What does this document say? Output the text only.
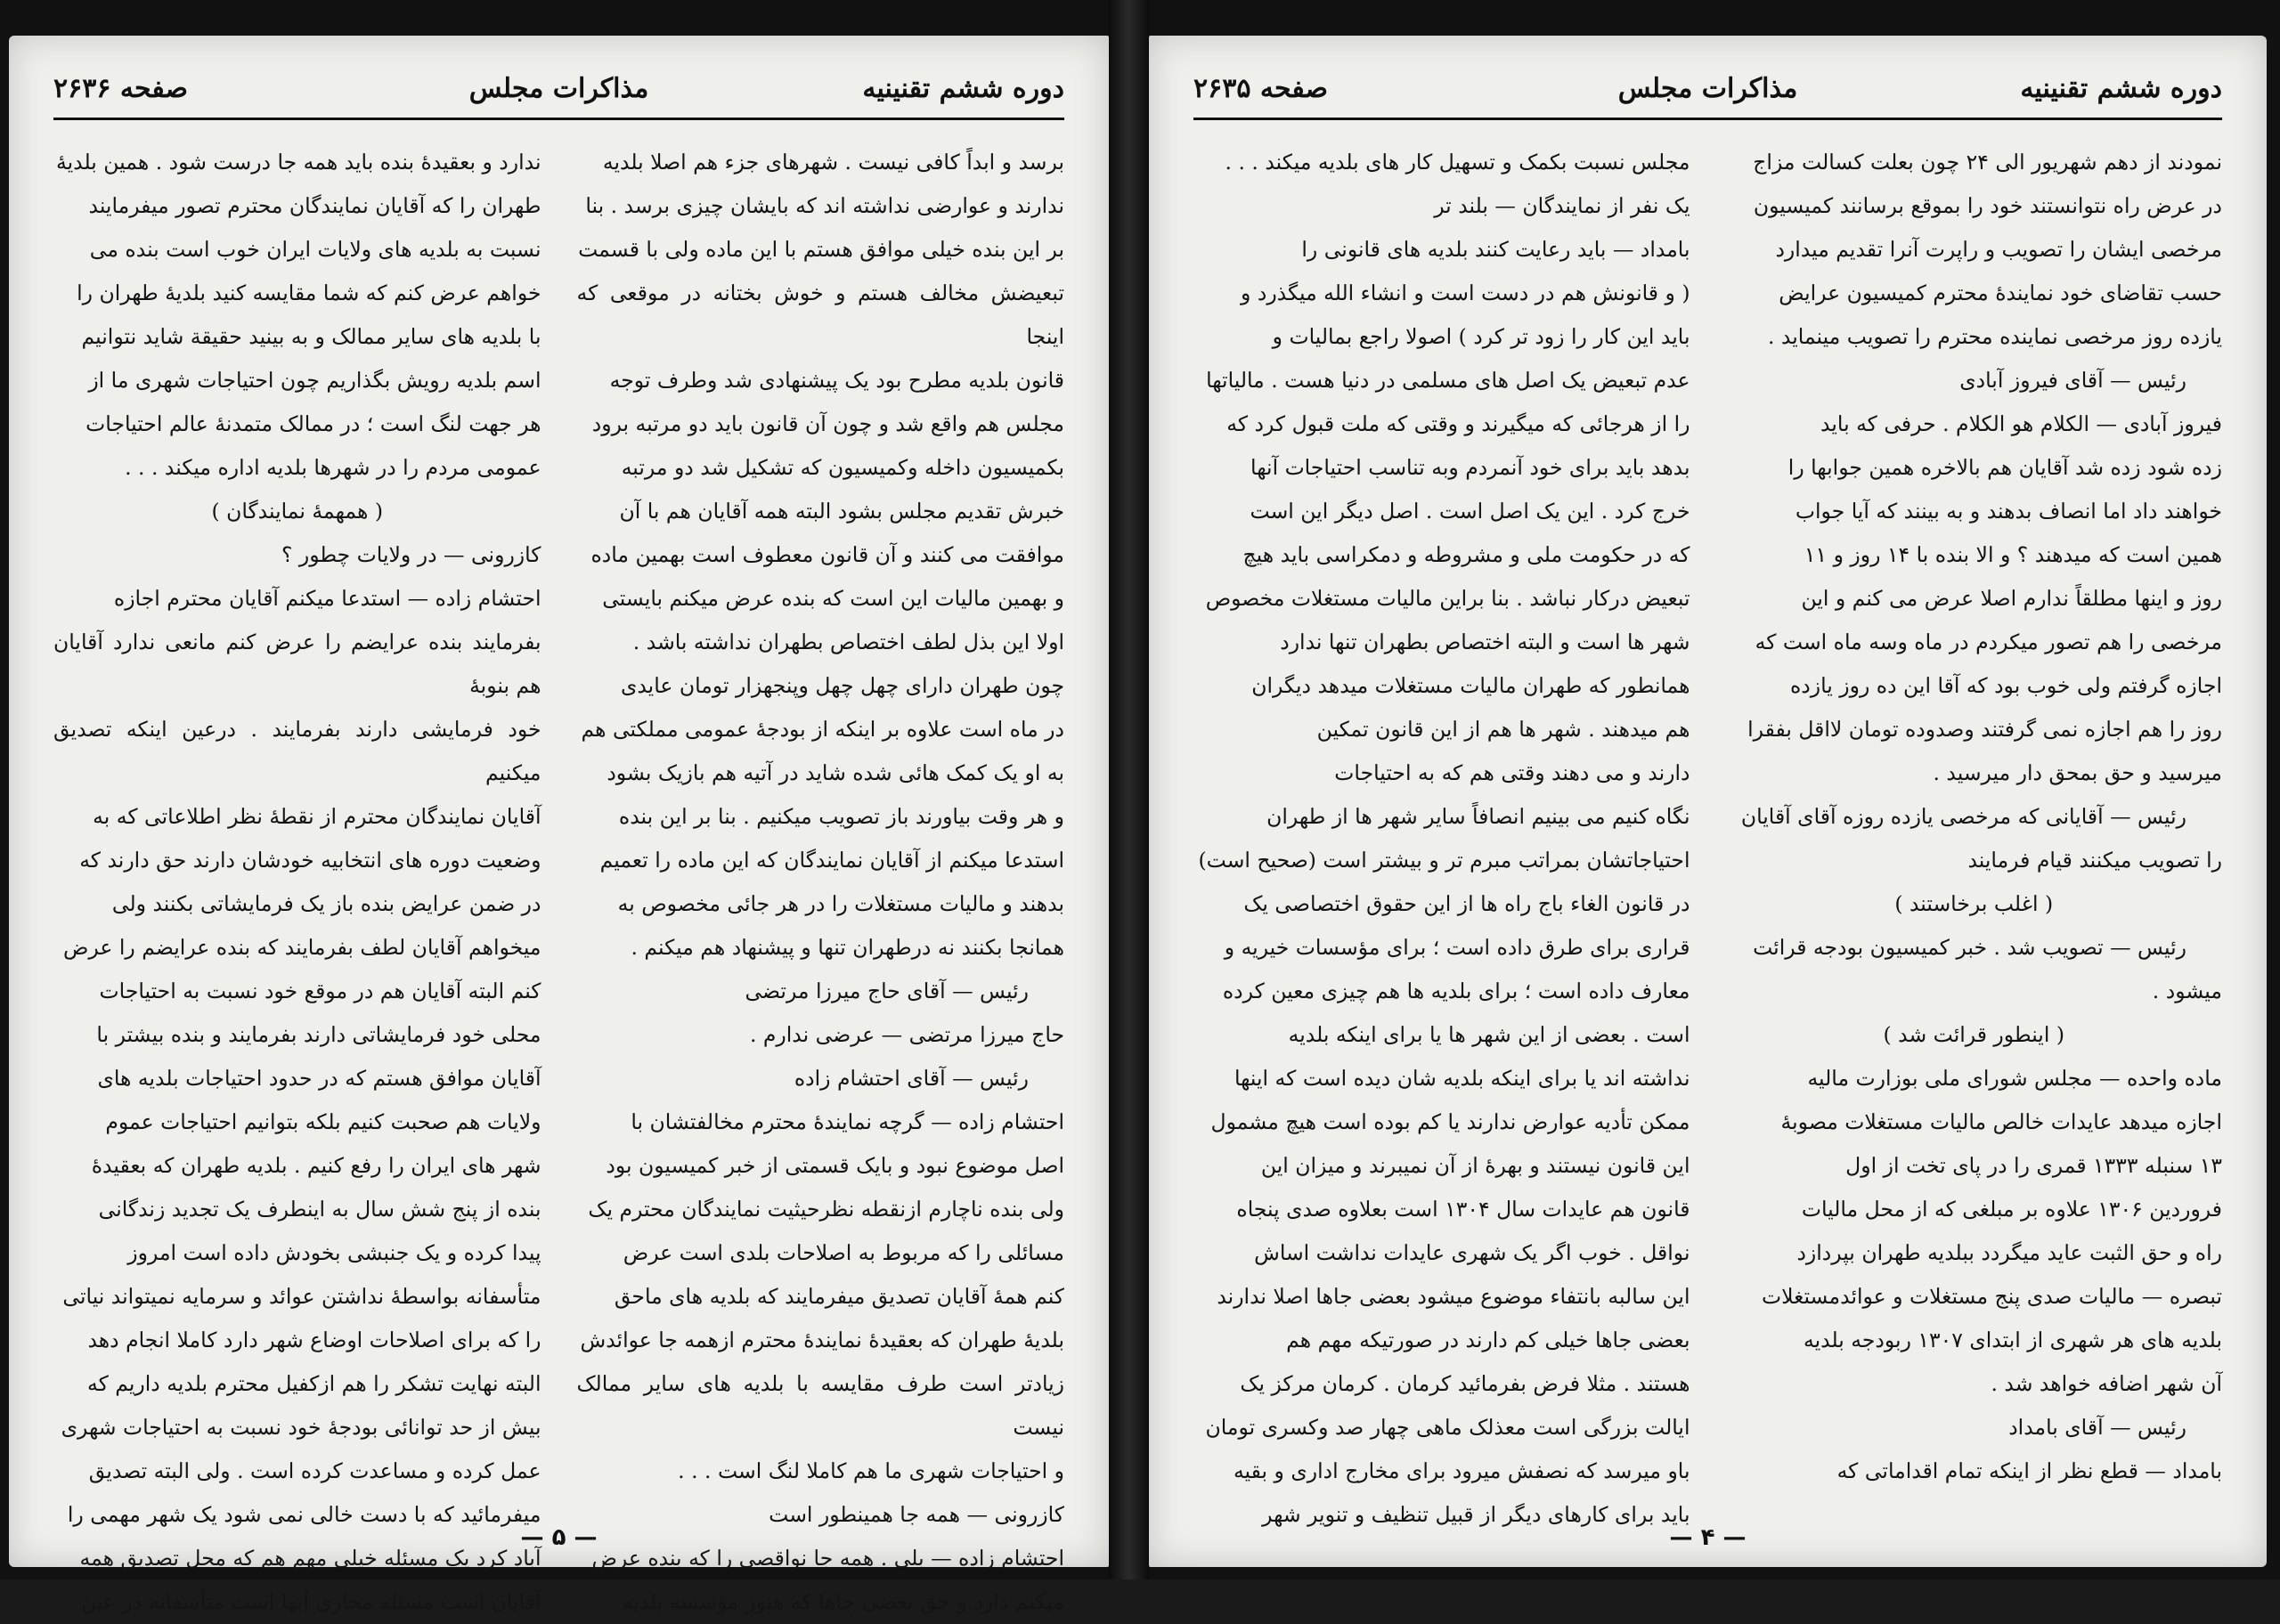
دوره ششم تقنینیه
مذاکرات مجلس
صفحه ۲۶۳۶

برسد و ابداً کافی نیست . شهرهای جزء هم اصلا بلدیه

ندارند و عوارضی نداشته اند که بایشان چیزی برسد . بنا

بر این بنده خیلی موافق هستم با این ماده ولی با قسمت

تبعیضش مخالف هستم و خوش بختانه در موقعی که اینجا

قانون بلدیه مطرح بود یک پیشنهادی شد وطرف توجه

مجلس هم واقع شد و چون آن قانون باید دو مرتبه برود

بکمیسیون داخله وکمیسیون که تشکیل شد دو مرتبه

خبرش تقدیم مجلس بشود البته همه آقایان هم با آن

موافقت می کنند و آن قانون معطوف است بهمین ماده

و بهمین مالیات این است که بنده عرض میکنم بایستی

اولا این بذل لطف اختصاص بطهران نداشته باشد .

چون طهران دارای چهل چهل وپنجهزار تومان عایدی

در ماه است علاوه بر اینکه از بودجهٔ عمومی مملکتی هم

به او یک کمک هائی شده شاید در آتیه هم بازیک بشود

و هر وقت بیاورند باز تصویب میکنیم . بنا بر این بنده

استدعا میکنم از آقایان نمایندگان که این ماده را تعمیم

بدهند و مالیات مستغلات را در هر جائی مخصوص به

همانجا بکنند نه درطهران تنها و پیشنهاد هم میکنم .

رئیس — آقای حاج میرزا مرتضی

حاج میرزا مرتضی — عرضی ندارم .

رئیس — آقای احتشام زاده

احتشام زاده — گرچه نمایندهٔ محترم مخالفتشان با

اصل موضوع نبود و بایک قسمتی از خبر کمیسیون بود

ولی بنده ناچارم ازنقطه نظرحیثیت نمایندگان محترم یک

مسائلی را که مربوط به اصلاحات بلدی است عرض

کنم همهٔ آقایان تصدیق میفرمایند که بلدیه های ماحق

بلدیهٔ طهران که بعقیدهٔ نمایندهٔ محترم ازهمه جا عوائدش

زیادتر است طرف مقایسه با بلدیه های سایر ممالک نیست

و احتیاجات شهری ما هم کاملا لنگ است . . .

کازرونی — همه جا همینطور است

احتشام زاده — بلی . همه جا نواقصی را که بنده عرض

میکنم دارد و حق بعضی جاها که هنوز مؤسسه بلدیه

ندارد و بعقیدهٔ بنده باید همه جا درست شود . همین بلدیهٔ

طهران را که آقایان نمایندگان محترم تصور میفرمایند

نسبت به بلدیه های ولایات ایران خوب است بنده می

خواهم عرض کنم که شما مقایسه کنید بلدیهٔ طهران را

با بلدیه های سایر ممالک و به بینید حقیقة شاید نتوانیم

اسم بلدیه رویش بگذاریم چون احتیاجات شهری ما از

هر جهت لنگ است ؛ در ممالک متمدنهٔ عالم احتیاجات

عمومی مردم را در شهرها بلدیه اداره میکند . . .

( همهمهٔ نمایندگان )

کازرونی — در ولایات چطور ؟

احتشام زاده — استدعا میکنم آقایان محترم اجازه

بفرمایند بنده عرایضم را عرض کنم مانعی ندارد آقایان هم بنوبهٔ

خود فرمایشی دارند بفرمایند . درعین اینکه تصدیق میکنیم

آقایان نمایندگان محترم از نقطهٔ نظر اطلاعاتی که به

وضعیت دوره های انتخابیه خودشان دارند حق دارند که

در ضمن عرایض بنده باز یک فرمایشاتی بکنند ولی

میخواهم آقایان لطف بفرمایند که بنده عرایضم را عرض

کنم البته آقایان هم در موقع خود نسبت به احتیاجات

محلی خود فرمایشاتی دارند بفرمایند و بنده بیشتر با

آقایان موافق هستم که در حدود احتیاجات بلدیه های

ولایات هم صحبت کنیم بلکه بتوانیم احتیاجات عموم

شهر های ایران را رفع کنیم . بلدیه طهران که بعقیدهٔ

بنده از پنج شش سال به اینطرف یک تجدید زندگانی

پیدا کرده و یک جنبشی بخودش داده است امروز

متأسفانه بواسطهٔ نداشتن عوائد و سرمایه نمیتواند نیاتی

را که برای اصلاحات اوضاع شهر دارد کاملا انجام دهد

البته نهایت تشکر را هم ازکفیل محترم بلدیه داریم که

بیش از حد توانائی بودجهٔ خود نسبت به احتیاجات شهری

عمل کرده و مساعدت کرده است . ولی البته تصدیق

میفرمائید که با دست خالی نمی شود یک شهر مهمی را

آباد کرد یک مسئله خیلی مهم هم که محل تصدیق همه

آقایان است مسئله مجاری آبها است متأسفانه در عین

— ۵ —
دوره ششم تقنینیه
مذاکرات مجلس
صفحه ۲۶۳۵

نمودند از دهم شهریور الی ۲۴ چون بعلت کسالت مزاج

در عرض راه نتوانستند خود را بموقع برسانند کمیسیون

مرخصی ایشان را تصویب و راپرت آنرا تقدیم میدارد

حسب تقاضای خود نمایندهٔ محترم کمیسیون عرایض

یازده روز مرخصی نماینده محترم را تصویب مینماید .

رئیس — آقای فیروز آبادی

فیروز آبادی — الکلام هو الکلام . حرفی که باید

زده شود زده شد آقایان هم بالاخره همین جوابها را

خواهند داد اما انصاف بدهند و به بینند که آیا جواب

همین است که میدهند ؟ و الا بنده با ۱۴ روز و ۱۱

روز و اینها مطلقاً ندارم اصلا عرض می کنم و این

مرخصی را هم تصور میکردم در ماه وسه ماه است که

اجازه گرفتم ولی خوب بود که آقا این ده روز یازده

روز را هم اجازه نمی گرفتند وصدوده تومان لااقل بفقرا

میرسید و حق بمحق دار میرسید .

رئیس — آقایانی که مرخصی یازده روزه آقای آقایان

را تصویب میکنند قیام فرمایند

( اغلب برخاستند )

رئیس — تصویب شد . خبر کمیسیون بودجه قرائت

میشود .

( اینطور قرائت شد )

ماده واحده — مجلس شورای ملی بوزارت مالیه

اجازه میدهد عایدات خالص مالیات مستغلات مصوبهٔ

۱۳ سنبله ۱۳۳۳ قمری را در پای تخت از اول

فروردین ۱۳۰۶ علاوه بر مبلغی که از محل مالیات

راه و حق الثبت عاید میگردد ببلدیه طهران بپردازد

تبصره — مالیات صدی پنج مستغلات و عوائدمستغلات

بلدیه های هر شهری از ابتدای ۱۳۰۷ ربودجه بلدیه

آن شهر اضافه خواهد شد .

رئیس — آقای بامداد

بامداد — قطع نظر از اینکه تمام اقداماتی که

مجلس نسبت بکمک و تسهیل کار های بلدیه میکند . . .

یک نفر از نمایندگان — بلند تر

بامداد — باید رعایت کنند بلدیه های قانونی را

( و قانونش هم در دست است و انشاء الله میگذرد و

باید این کار را زود تر کرد ) اصولا راجع بمالیات و

عدم تبعیض یک اصل های مسلمی در دنیا هست . مالیاتها

را از هرجائی که میگیرند و وقتی که ملت قبول کرد که

بدهد باید برای خود آنمردم وبه تناسب احتیاجات آنها

خرج کرد . این یک اصل است . اصل دیگر این است

که در حکومت ملی و مشروطه و دمکراسی باید هیچ

تبعیض درکار نباشد . بنا براین مالیات مستغلات مخصوص

شهر ها است و البته اختصاص بطهران تنها ندارد

همانطور که طهران مالیات مستغلات میدهد دیگران

هم میدهند . شهر ها هم از این قانون تمکین

دارند و می دهند وقتی هم که به احتیاجات

نگاه کنیم می بینیم انصافاً سایر شهر ها از طهران

احتیاجاتشان بمراتب مبرم تر و بیشتر است (صحیح است)

در قانون الغاء باج راه ها از این حقوق اختصاصی یک

قراری برای طرق داده است ؛ برای مؤسسات خیریه و

معارف داده است ؛ برای بلدیه ها هم چیزی معین کرده

است . بعضی از این شهر ها یا برای اینکه بلدیه

نداشته اند یا برای اینکه بلدیه شان دیده است که اینها

ممکن تأدیه عوارض ندارند یا کم بوده است هیچ مشمول

این قانون نیستند و بهرهٔ از آن نمیبرند و میزان این

قانون هم عایدات سال ۱۳۰۴ است بعلاوه صدی پنجاه

نواقل . خوب اگر یک شهری عایدات نداشت اساش

این سالبه بانتفاء موضوع میشود بعضی جاها اصلا ندارند

بعضی جاها خیلی کم دارند در صورتیکه مهم هم

هستند . مثلا فرض بفرمائید کرمان . کرمان مرکز یک

ایالت بزرگی است معذلک ماهی چهار صد وکسری تومان

باو میرسد که نصفش میرود برای مخارج اداری و بقیه

باید برای کارهای دیگر از قبیل تنظیف و تنویر شهر

— ۴ —
